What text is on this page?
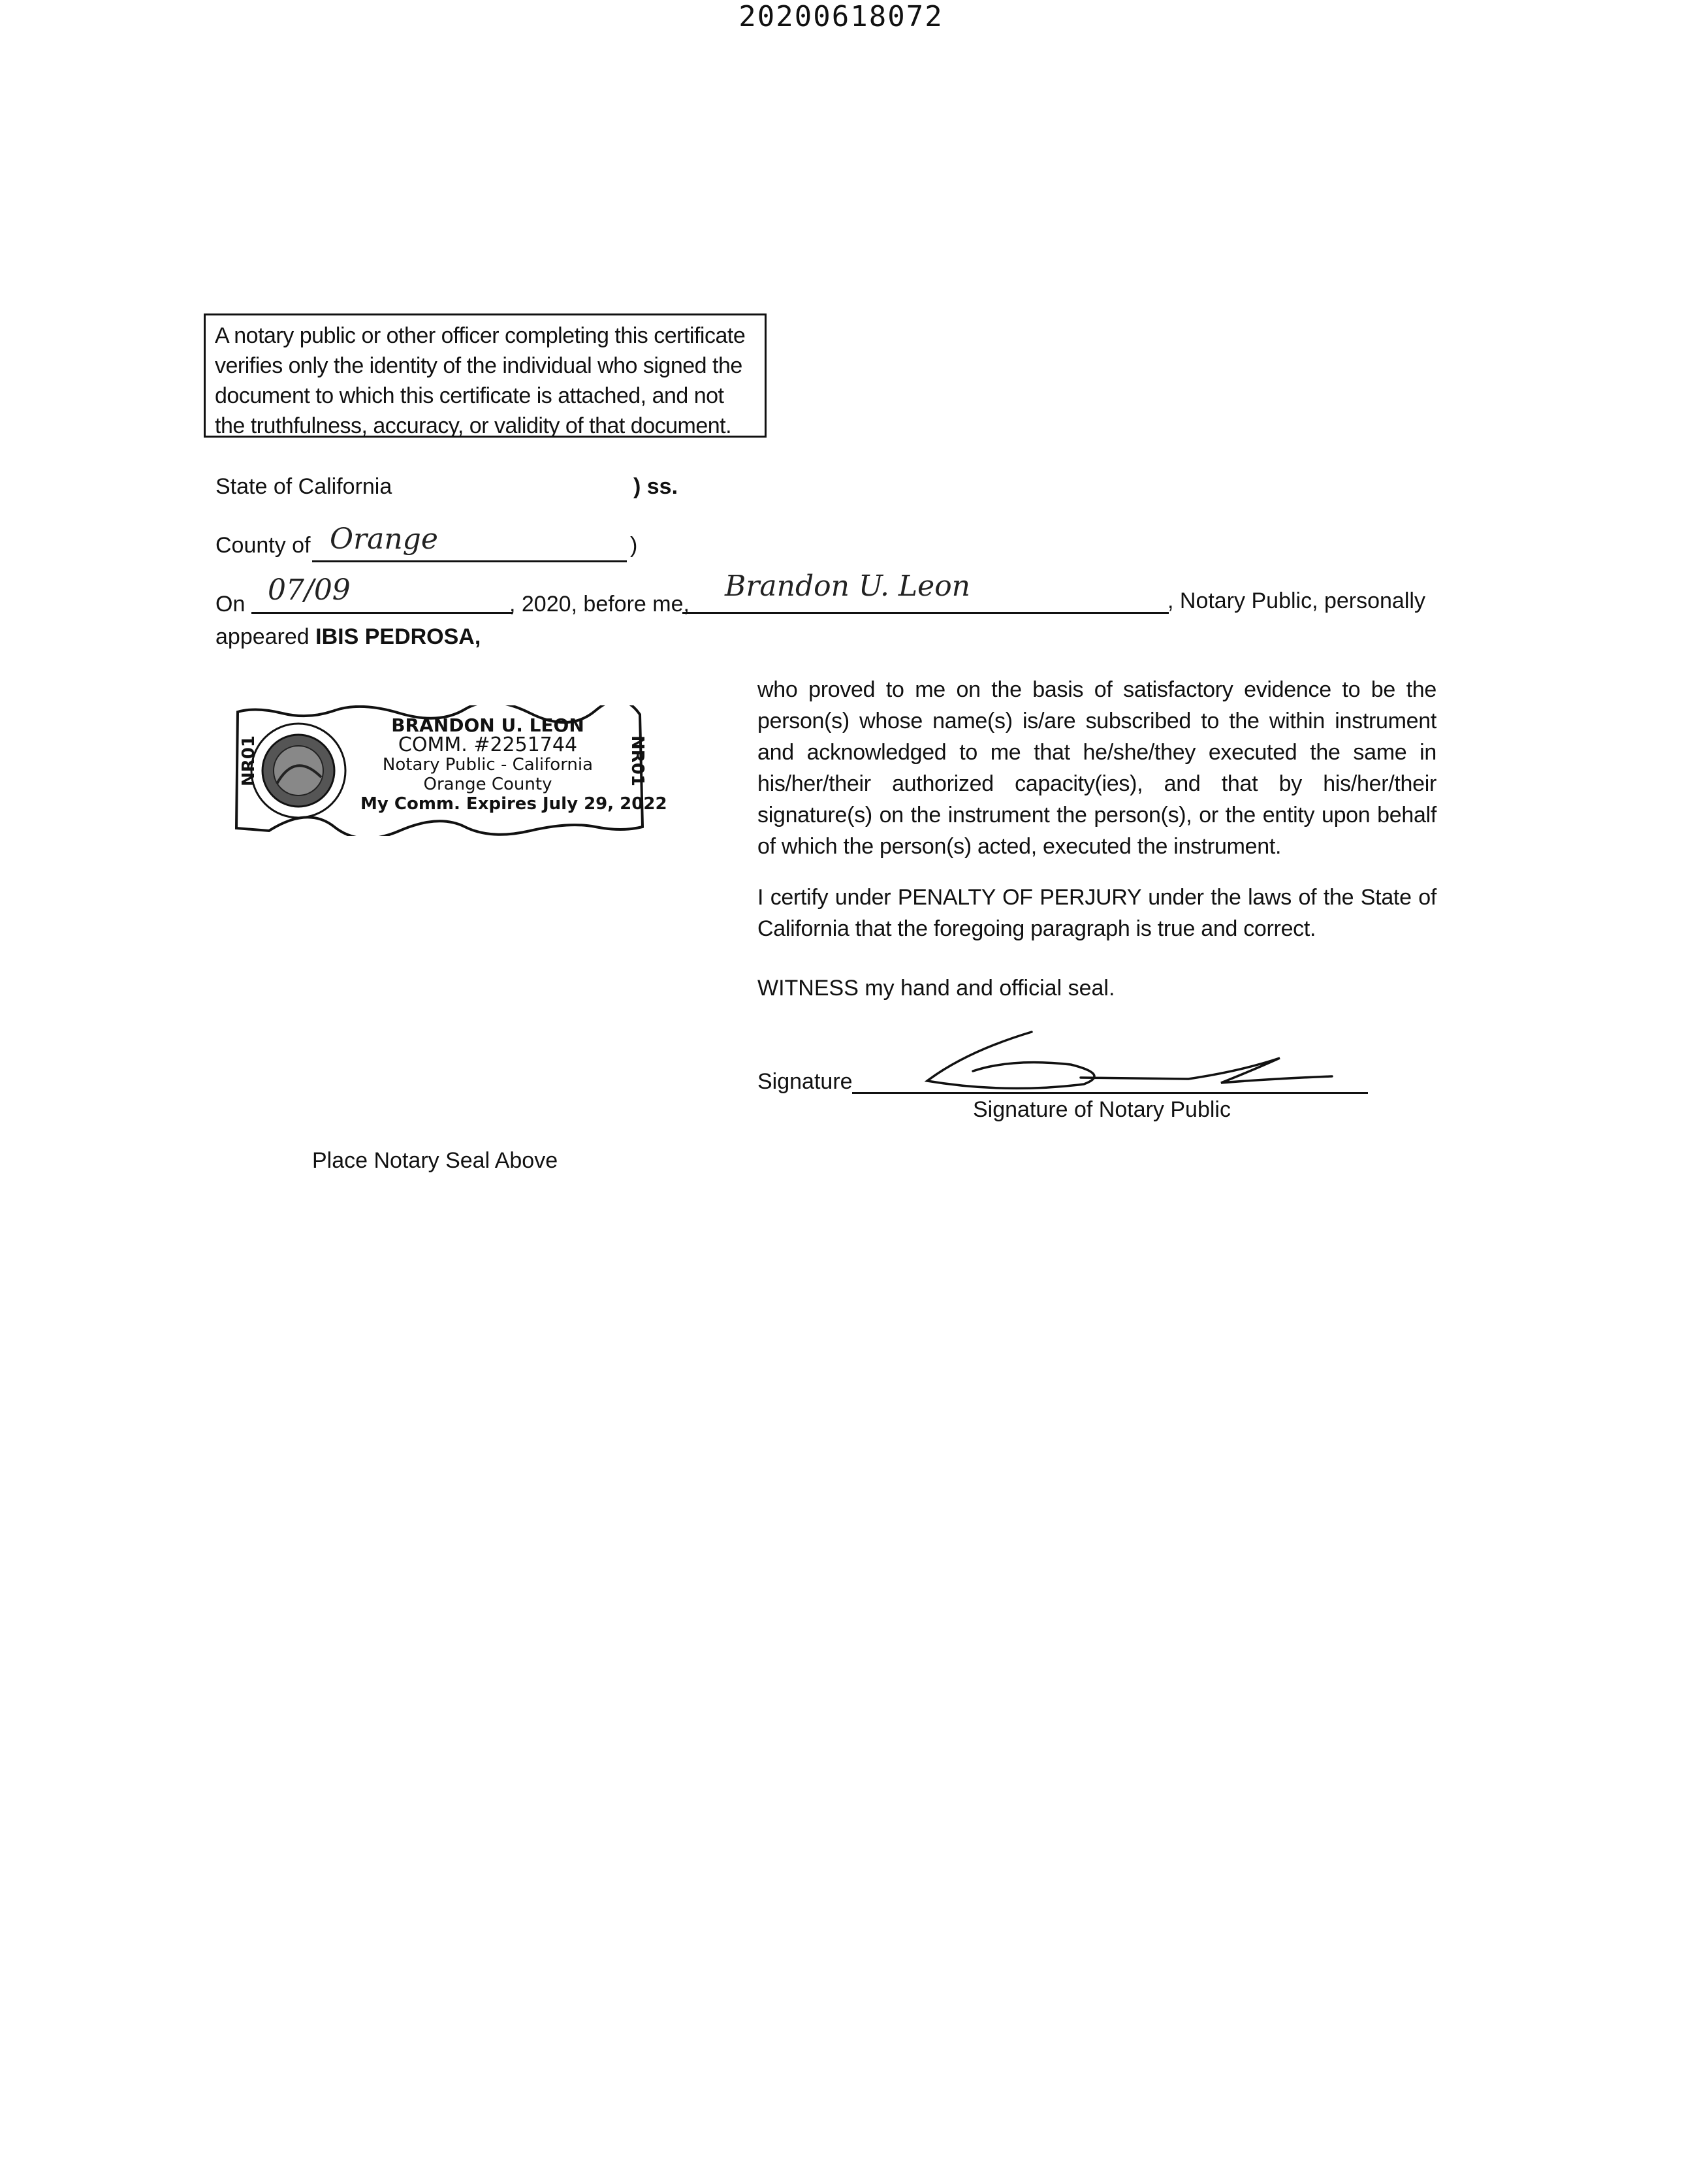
20200618072
A notary public or other officer completing this certificate verifies only the identity of the individual who signed the document to which this certificate is attached, and not the truthfulness, accuracy, or validity of that document.
State of California	) ss.
County of Orange	)
On 07/09	, 2020, before me,
Brandon U. Leon	, Notary Public, personally
appeared IBIS PEDROSA,
BRANDON U. LEON
COMM. #2251744
Notary Public - California
Orange County
My Comm. Expires July 29, 2022
NR01	NR01

who proved to me on the basis of satisfactory evidence to be the person(s) whose name(s) is/are subscribed to the within instrument and acknowledged to me that he/she/they executed the same in his/her/their authorized capacity(ies), and that by his/her/their signature(s) on the instrument the person(s), or the entity upon behalf of which the person(s) acted, executed the instrument.

I certify under PENALTY OF PERJURY under the laws of the State of California that the foregoing paragraph is true and correct.

WITNESS my hand and official seal.
Signature
Signature of Notary Public
Place Notary Seal Above
